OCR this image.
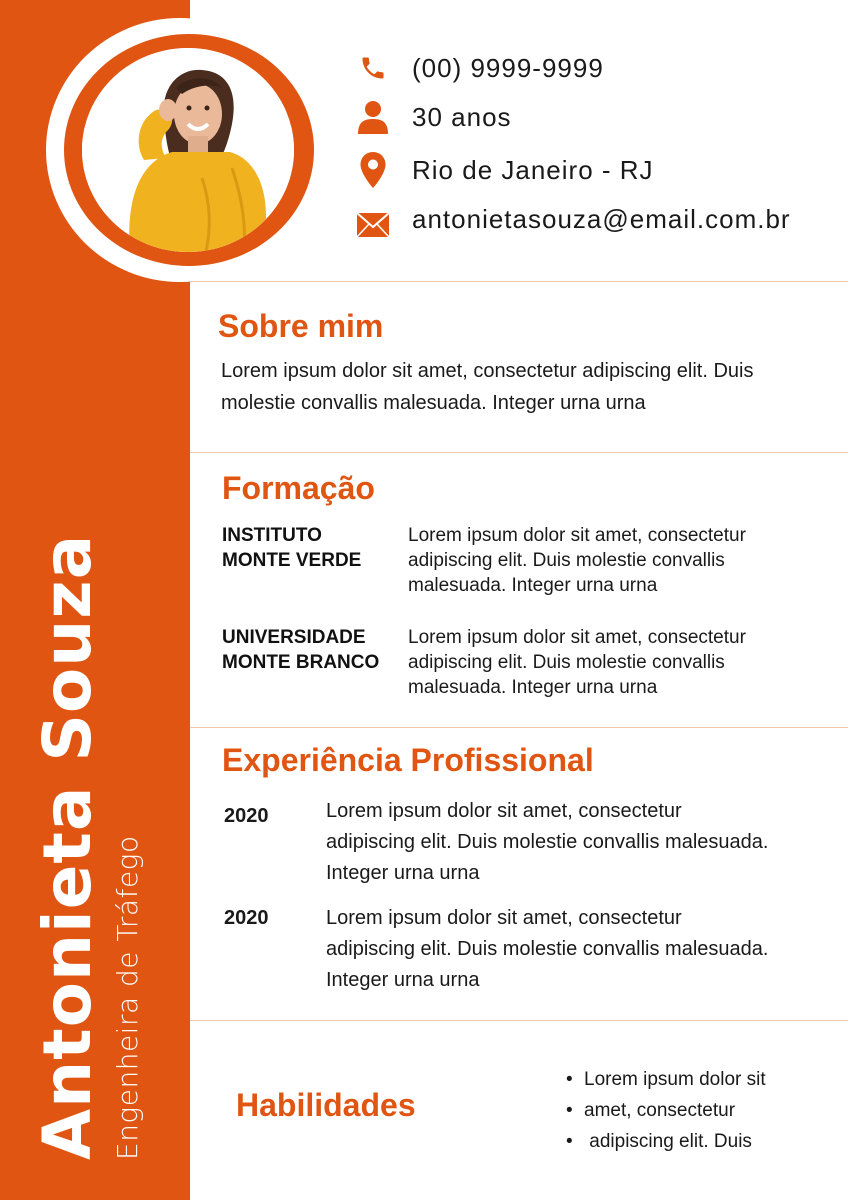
Antonieta Souza Engenheira de Tráfego
(00) 9999-9999
30 anos
Rio de Janeiro - RJ
antonietasouza@email.com.br
Sobre mim
Lorem ipsum dolor sit amet, consectetur adipiscing elit. Duis
molestie convallis malesuada. Integer urna urna
Formação
INSTITUTO
MONTE VERDE
Lorem ipsum dolor sit amet, consectetur
adipiscing elit. Duis molestie convallis
malesuada. Integer urna urna
UNIVERSIDADE
MONTE BRANCO
Lorem ipsum dolor sit amet, consectetur
adipiscing elit. Duis molestie convallis
malesuada. Integer urna urna
Experiência Profissional
2020	Lorem ipsum dolor sit amet, consectetur
adipiscing elit. Duis molestie convallis malesuada.
Integer urna urna
2020	Lorem ipsum dolor sit amet, consectetur
adipiscing elit. Duis molestie convallis malesuada.
Integer urna urna
Habilidades
• Lorem ipsum dolor sit
• amet, consectetur
• adipiscing elit. Duis
